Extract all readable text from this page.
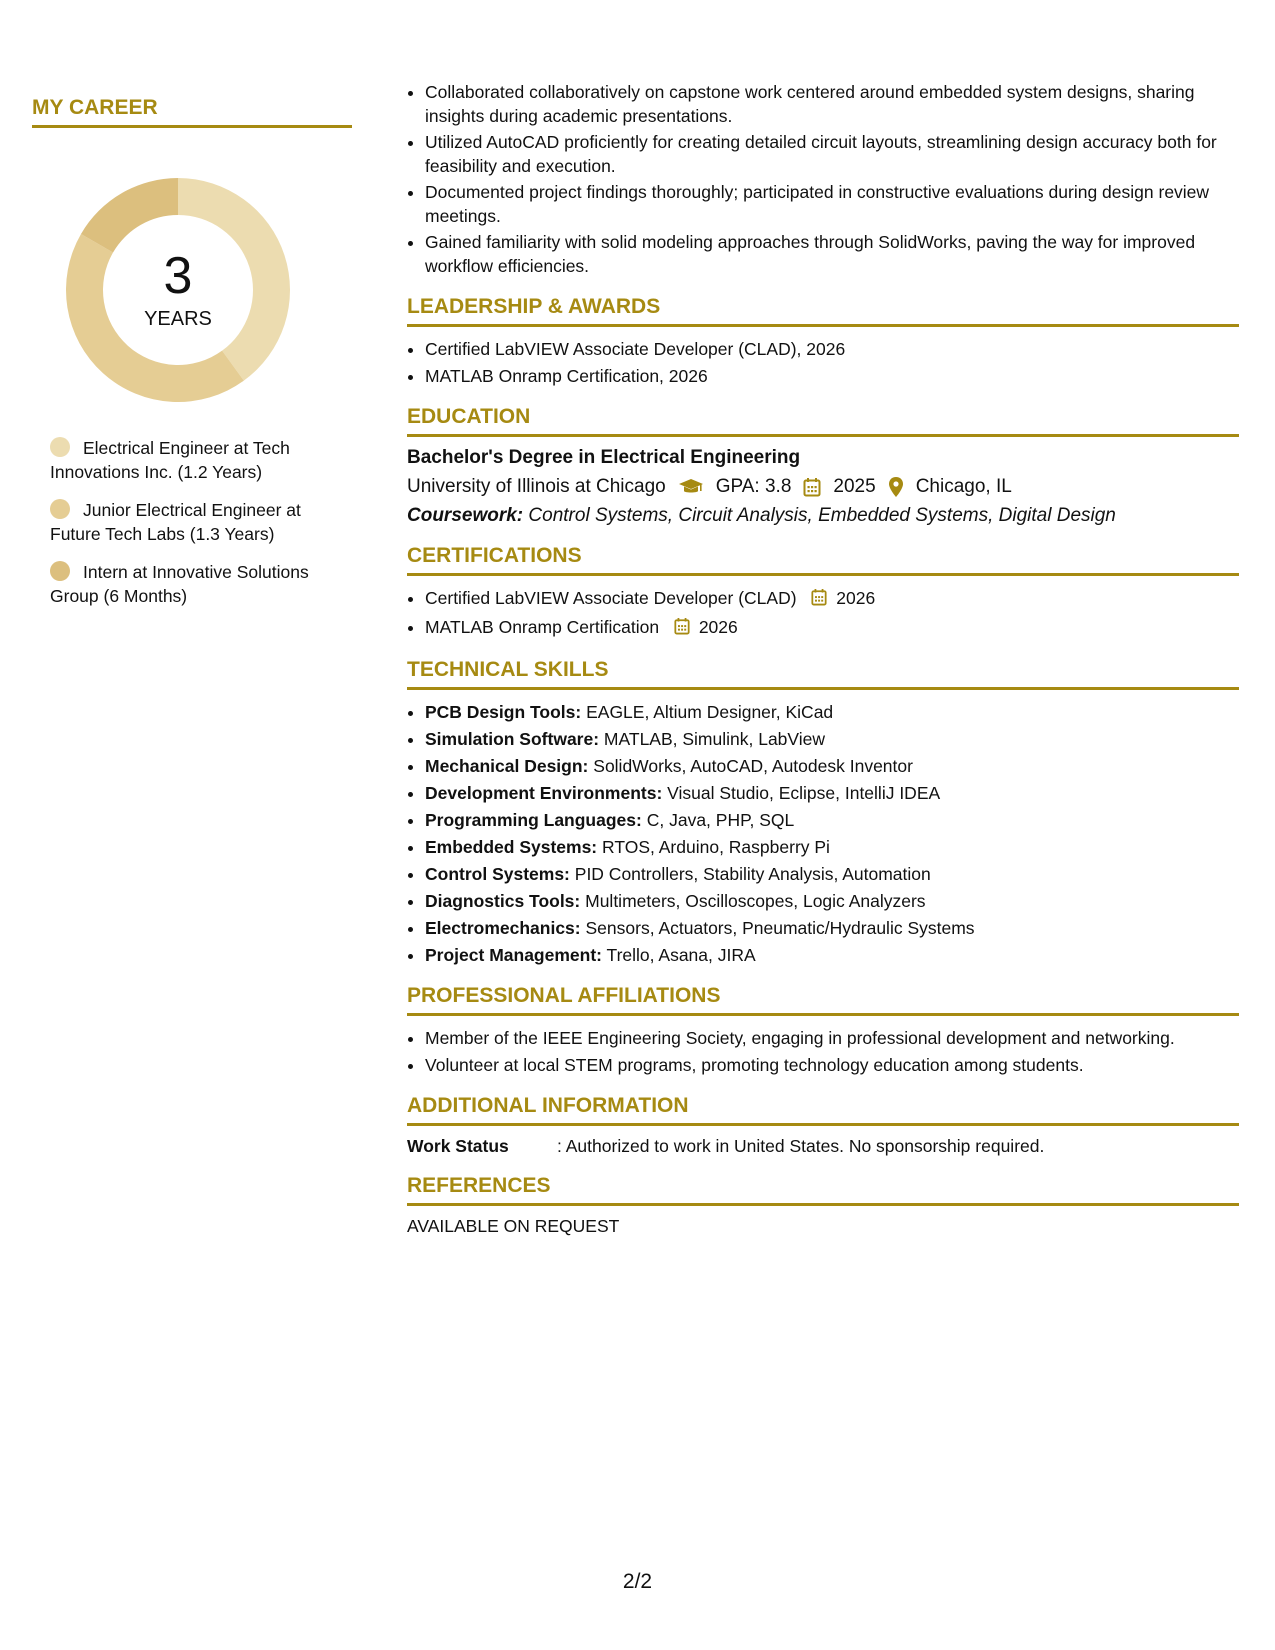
MY CAREER
3
YEARS
Electrical Engineer at Tech Innovations Inc. (1.2 Years)
Junior Electrical Engineer at Future Tech Labs (1.3 Years)
Intern at Innovative Solutions Group (6 Months)
• Collaborated collaboratively on capstone work centered around embedded system designs, sharing insights during academic presentations.
• Utilized AutoCAD proficiently for creating detailed circuit layouts, streamlining design accuracy both for feasibility and execution.
• Documented project findings thoroughly; participated in constructive evaluations during design review meetings.
• Gained familiarity with solid modeling approaches through SolidWorks, paving the way for improved workflow efficiencies.
LEADERSHIP & AWARDS
• Certified LabVIEW Associate Developer (CLAD), 2026
• MATLAB Onramp Certification, 2026
EDUCATION
Bachelor's Degree in Electrical Engineering
University of Illinois at Chicago	GPA: 3.8 2025 Chicago, IL
Coursework: Control Systems, Circuit Analysis, Embedded Systems, Digital Design
CERTIFICATIONS
• Certified LabVIEW Associate Developer (CLAD) 2026
• MATLAB Onramp Certification 2026
TECHNICAL SKILLS
• PCB Design Tools: EAGLE, Altium Designer, KiCad
• Simulation Software: MATLAB, Simulink, LabView
• Mechanical Design: SolidWorks, AutoCAD, Autodesk Inventor
• Development Environments: Visual Studio, Eclipse, IntelliJ IDEA
• Programming Languages: C, Java, PHP, SQL
• Embedded Systems: RTOS, Arduino, Raspberry Pi
• Control Systems: PID Controllers, Stability Analysis, Automation
• Diagnostics Tools: Multimeters, Oscilloscopes, Logic Analyzers
• Electromechanics: Sensors, Actuators, Pneumatic/Hydraulic Systems
• Project Management: Trello, Asana, JIRA
PROFESSIONAL AFFILIATIONS
• Member of the IEEE Engineering Society, engaging in professional development and networking.
• Volunteer at local STEM programs, promoting technology education among students.
ADDITIONAL INFORMATION
Work Status	: Authorized to work in United States. No sponsorship required.
REFERENCES
AVAILABLE ON REQUEST
2/2
